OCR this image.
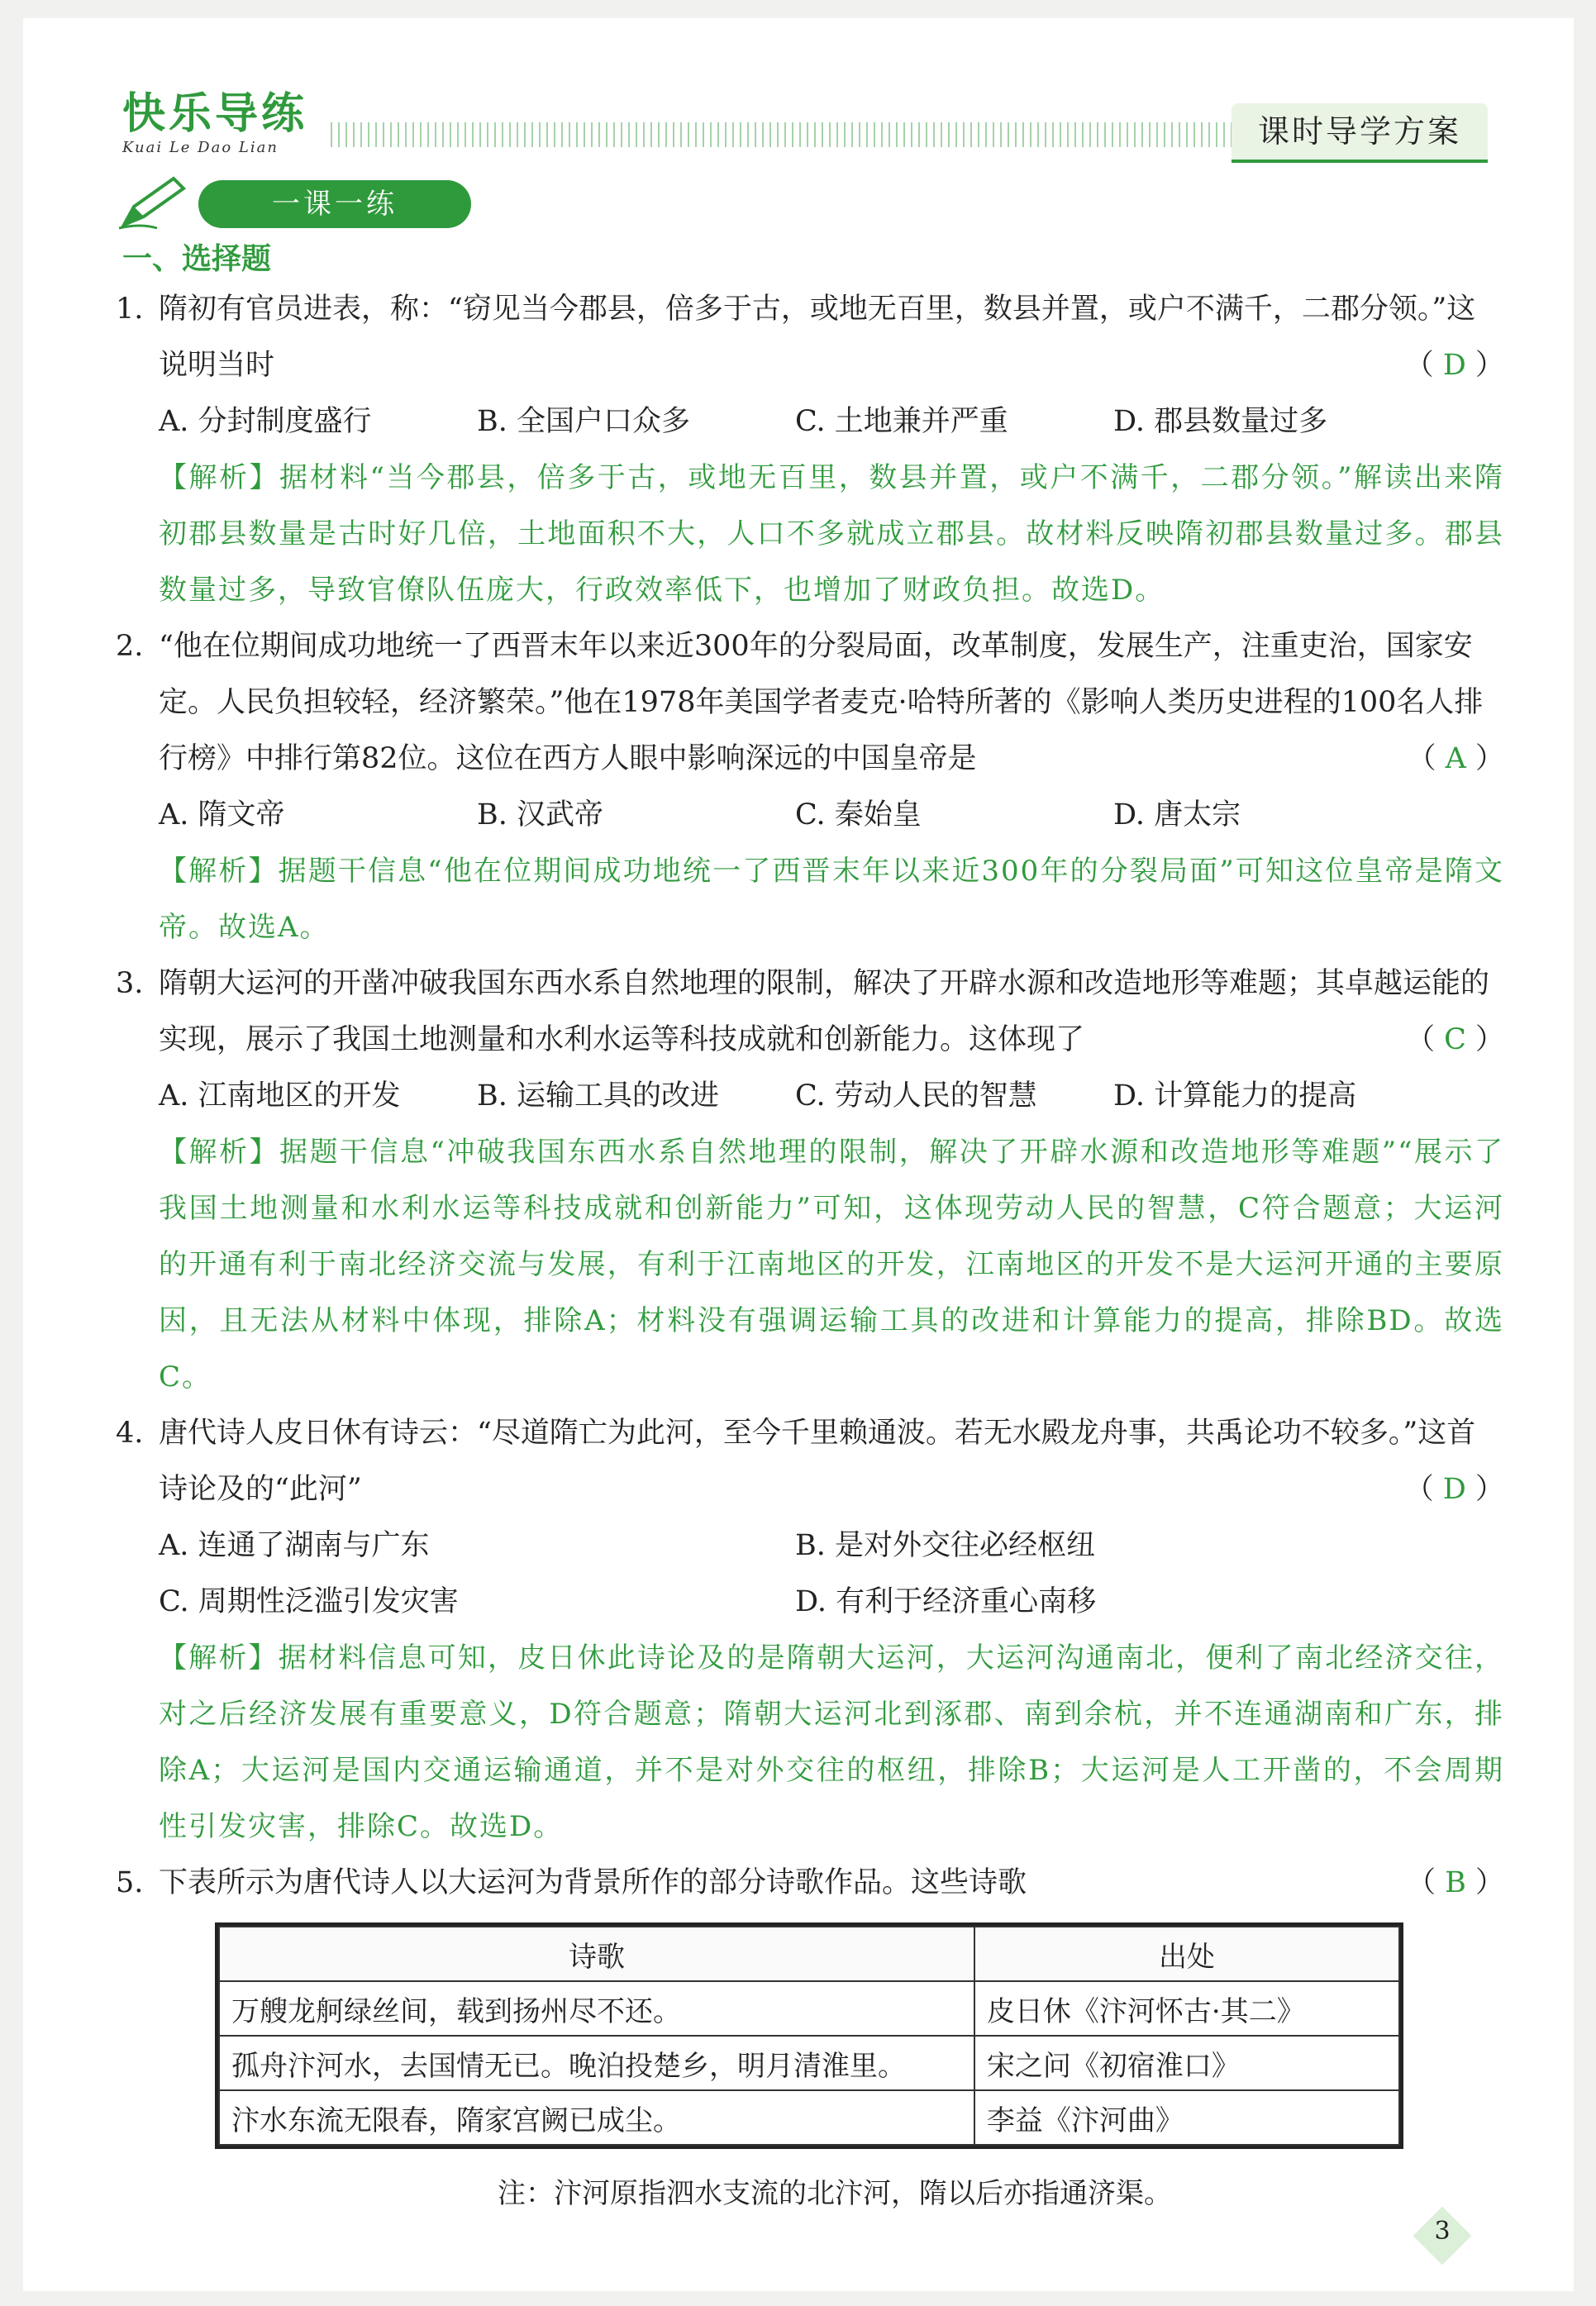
快乐导练
Kuai Le Dao Lian	课时导学方案
一课一练
一、选择题
1. 隋初有官员进表，称：“窃见当今郡县，倍多于古，或地无百里，数县并置，或户不满千，二郡分领。”这说明当时	（ D ）
A. 分封制度盛行	B. 全国户口众多	C. 土地兼并严重	D. 郡县数量过多
【解析】据材料“当今郡县，倍多于古，或地无百里，数县并置，或户不满千，二郡分领。”解读出来隋初郡县数量是古时好几倍，土地面积不大，人口不多就成立郡县。故材料反映隋初郡县数量过多。郡县数量过多，导致官僚队伍庞大，行政效率低下，也增加了财政负担。故选D。
2. “他在位期间成功地统一了西晋末年以来近300年的分裂局面，改革制度，发展生产，注重吏治，国家安定。人民负担较轻，经济繁荣。”他在1978年美国学者麦克·哈特所著的《影响人类历史进程的100名人排行榜》中排行第82位。这位在西方人眼中影响深远的中国皇帝是	（ A ）
A. 隋文帝	B. 汉武帝	C. 秦始皇	D. 唐太宗
【解析】据题干信息“他在位期间成功地统一了西晋末年以来近300年的分裂局面”可知这位皇帝是隋文帝。故选A。
3. 隋朝大运河的开凿冲破我国东西水系自然地理的限制，解决了开辟水源和改造地形等难题；其卓越运能的实现，展示了我国土地测量和水利水运等科技成就和创新能力。这体现了	（ C ）
A. 江南地区的开发	B. 运输工具的改进	C. 劳动人民的智慧	D. 计算能力的提高
【解析】据题干信息“冲破我国东西水系自然地理的限制，解决了开辟水源和改造地形等难题”“展示了我国土地测量和水利水运等科技成就和创新能力”可知，这体现劳动人民的智慧，C符合题意；大运河的开通有利于南北经济交流与发展，有利于江南地区的开发，江南地区的开发不是大运河开通的主要原因，且无法从材料中体现，排除A；材料没有强调运输工具的改进和计算能力的提高，排除BD。故选C。
4. 唐代诗人皮日休有诗云：“尽道隋亡为此河，至今千里赖通波。若无水殿龙舟事，共禹论功不较多。”这首诗论及的“此河”	（ D ）
A. 连通了湖南与广东	B. 是对外交往必经枢纽
C. 周期性泛滥引发灾害	D. 有利于经济重心南移
【解析】据材料信息可知，皮日休此诗论及的是隋朝大运河，大运河沟通南北，便利了南北经济交往，对之后经济发展有重要意义，D符合题意；隋朝大运河北到涿郡、南到余杭，并不连通湖南和广东，排除A；大运河是国内交通运输通道，并不是对外交往的枢纽，排除B；大运河是人工开凿的，不会周期性引发灾害，排除C。故选D。
5. 下表所示为唐代诗人以大运河为背景所作的部分诗歌作品。这些诗歌	（ B ）
诗歌	出处
万艘龙舸绿丝间，载到扬州尽不还。	皮日休《汴河怀古·其二》
孤舟汴河水，去国情无已。晚泊投楚乡，明月清淮里。	宋之问《初宿淮口》
汴水东流无限春，隋家宫阙已成尘。	李益《汴河曲》
注：汴河原指泗水支流的北汴河，隋以后亦指通济渠。
3
